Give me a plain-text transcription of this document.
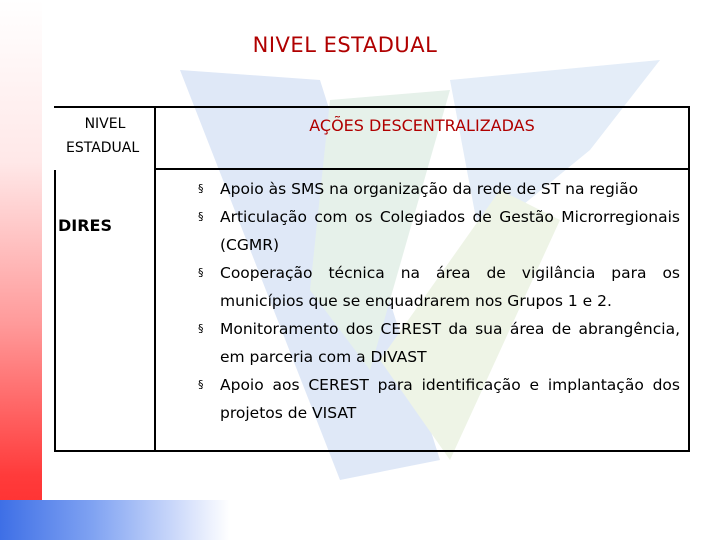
NIVEL ESTADUAL
NIVEL
ESTADUAL
AÇÕES DESCENTRALIZADAS
DIRES
§ Apoio às SMS na organização da rede de ST na região
§ Articulação com os Colegiados de Gestão Microrregionais (CGMR)
§ Cooperação técnica na área de vigilância para os municípios que se enquadrarem nos Grupos 1 e 2.
§ Monitoramento dos CEREST da sua área de abrangência, em parceria com a DIVAST
§ Apoio aos CEREST para identificação e implantação dos projetos de VISAT
